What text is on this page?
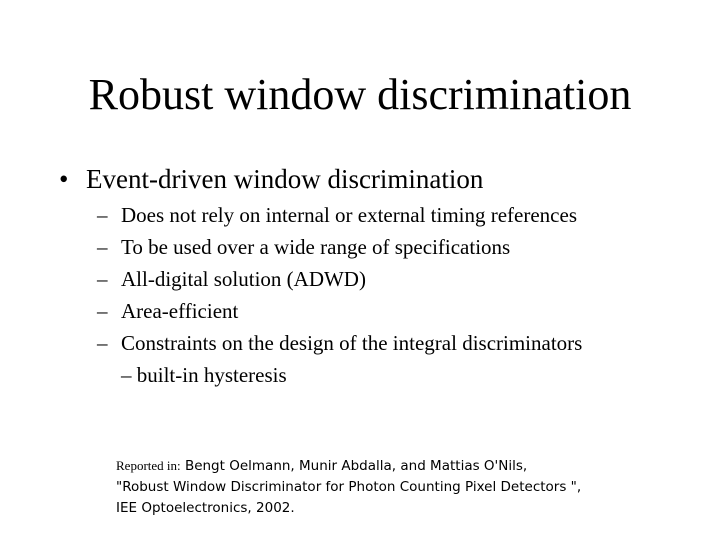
Robust window discrimination
• Event-driven window discrimination
– Does not rely on internal or external timing references
– To be used over a wide range of specifications
– All-digital solution (ADWD)
– Area-efficient
– Constraints on the design of the integral discriminators
– built-in hysteresis
Reported in: Bengt Oelmann, Munir Abdalla, and Mattias O'Nils,
"Robust Window Discriminator for Photon Counting Pixel Detectors ",
IEE Optoelectronics, 2002.
